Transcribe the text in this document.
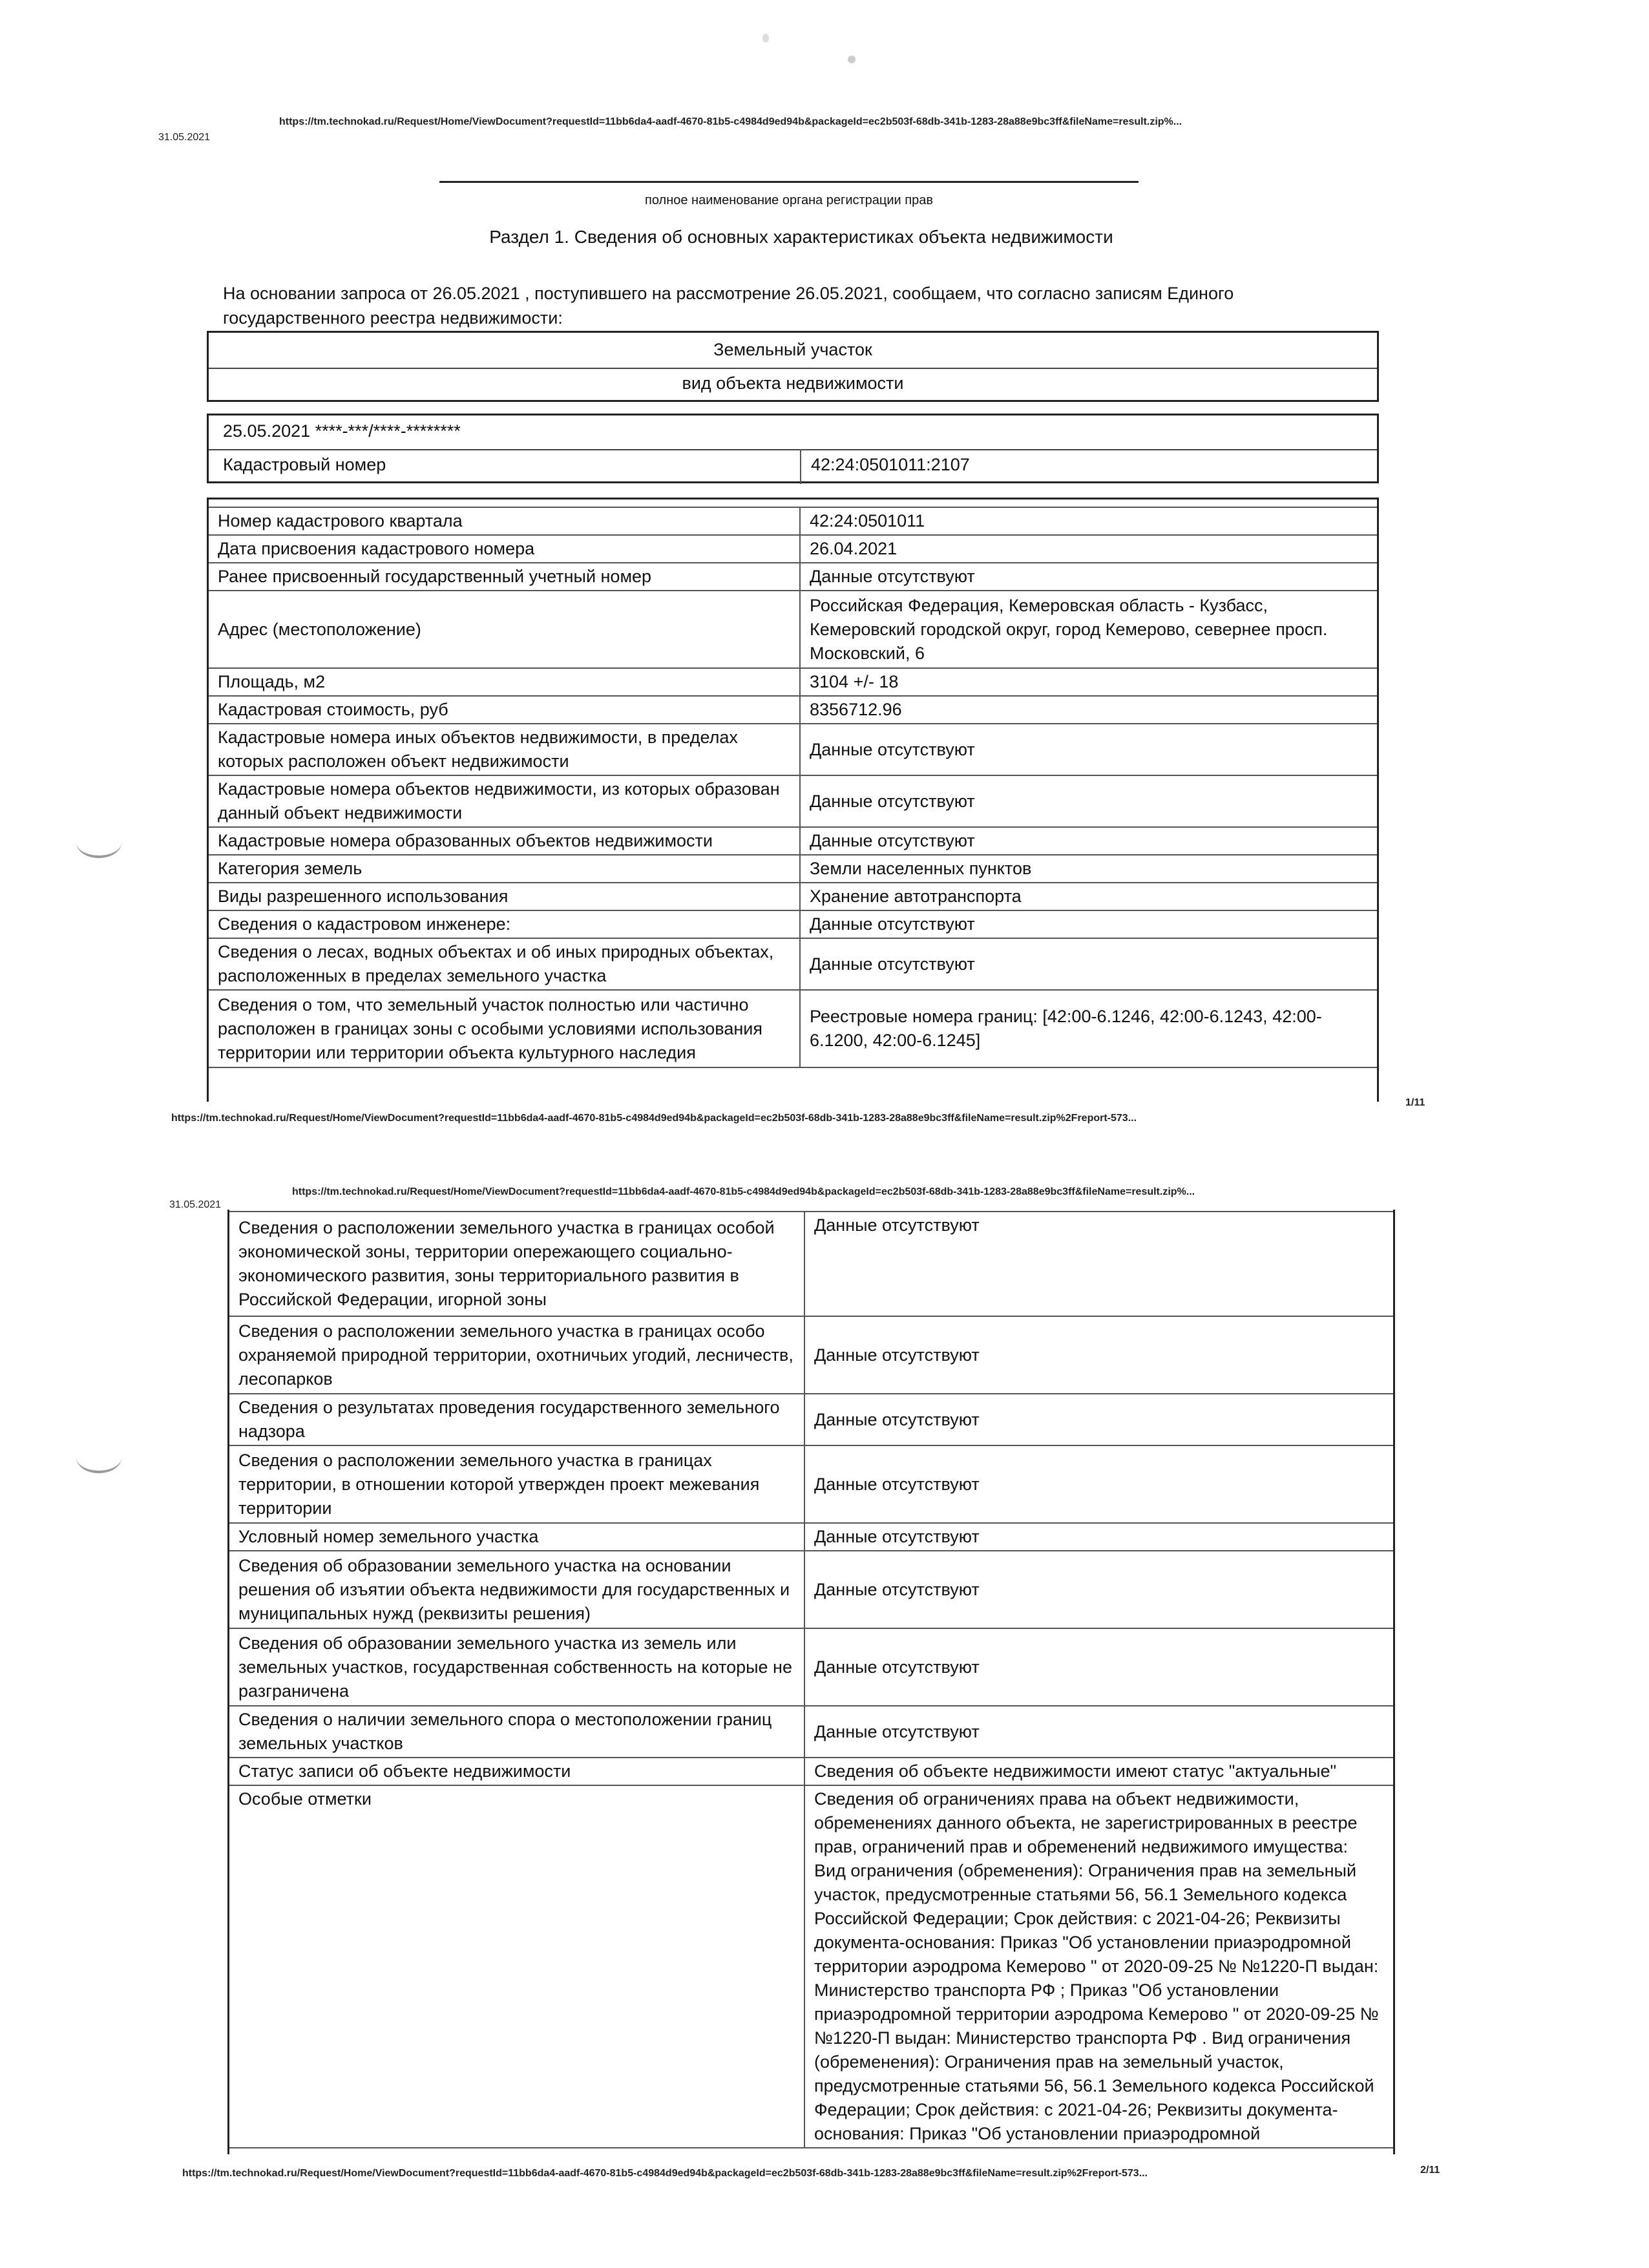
31.05.2021
https://tm.technokad.ru/Request/Home/ViewDocument?requestId=11bb6da4-aadf-4670-81b5-c4984d9ed94b&packageId=ec2b503f-68db-341b-1283-28a88e9bc3ff&fileName=result.zip%...
полное наименование органа регистрации прав
Раздел 1. Сведения об основных характеристиках объекта недвижимости
На основании запроса от 26.05.2021 , поступившего на рассмотрение 26.05.2021, сообщаем, что согласно записям Единого
государственного реестра недвижимости:
Земельный участок
вид объекта недвижимости
25.05.2021 ****-***/****-********
Кадастровый номер	42:24:0501011:2107
Номер кадастрового квартала	42:24:0501011
Дата присвоения кадастрового номера	26.04.2021
Ранее присвоенный государственный учетный номер	Данные отсутствуют
Адрес (местоположение)	Российская Федерация, Кемеровская область - Кузбасс, Кемеровский городской округ, город Кемерово, севернее просп. Московский, 6
Площадь, м2	3104 +/- 18
Кадастровая стоимость, руб	8356712.96
Кадастровые номера иных объектов недвижимости, в пределах которых расположен объект недвижимости	Данные отсутствуют
Кадастровые номера объектов недвижимости, из которых образован данный объект недвижимости	Данные отсутствуют
Кадастровые номера образованных объектов недвижимости	Данные отсутствуют
Категория земель	Земли населенных пунктов
Виды разрешенного использования	Хранение автотранспорта
Сведения о кадастровом инженере:	Данные отсутствуют
Сведения о лесах, водных объектах и об иных природных объектах, расположенных в пределах земельного участка	Данные отсутствуют
Сведения о том, что земельный участок полностью или частично расположен в границах зоны с особыми условиями использования территории или территории объекта культурного наследия	Реестровые номера границ: [42:00-6.1246, 42:00-6.1243, 42:00-6.1200, 42:00-6.1245]
https://tm.technokad.ru/Request/Home/ViewDocument?requestId=11bb6da4-aadf-4670-81b5-c4984d9ed94b&packageId=ec2b503f-68db-341b-1283-28a88e9bc3ff&fileName=result.zip%2Freport-573...
1/11
31.05.2021
https://tm.technokad.ru/Request/Home/ViewDocument?requestId=11bb6da4-aadf-4670-81b5-c4984d9ed94b&packageId=ec2b503f-68db-341b-1283-28a88e9bc3ff&fileName=result.zip%...
Сведения о расположении земельного участка в границах особой экономической зоны, территории опережающего социально-экономического развития, зоны территориального развития в Российской Федерации, игорной зоны	Данные отсутствуют
Сведения о расположении земельного участка в границах особо охраняемой природной территории, охотничьих угодий, лесничеств, лесопарков	Данные отсутствуют
Сведения о результатах проведения государственного земельного надзора	Данные отсутствуют
Сведения о расположении земельного участка в границах территории, в отношении которой утвержден проект межевания территории	Данные отсутствуют
Условный номер земельного участка	Данные отсутствуют
Сведения об образовании земельного участка на основании решения об изъятии объекта недвижимости для государственных и муниципальных нужд (реквизиты решения)	Данные отсутствуют
Сведения об образовании земельного участка из земель или земельных участков, государственная собственность на которые не разграничена	Данные отсутствуют
Сведения о наличии земельного спора о местоположении границ земельных участков	Данные отсутствуют
Статус записи об объекте недвижимости	Сведения об объекте недвижимости имеют статус "актуальные"
Особые отметки	Сведения об ограничениях права на объект недвижимости, обременениях данного объекта, не зарегистрированных в реестре прав, ограничений прав и обременений недвижимого имущества: Вид ограничения (обременения): Ограничения прав на земельный участок, предусмотренные статьями 56, 56.1 Земельного кодекса Российской Федерации; Срок действия: с 2021-04-26; Реквизиты документа-основания: Приказ "Об установлении приаэродромной территории аэродрома Кемерово " от 2020-09-25 № №1220-П выдан: Министерство транспорта РФ ; Приказ "Об установлении приаэродромной территории аэродрома Кемерово " от 2020-09-25 № №1220-П выдан: Министерство транспорта РФ . Вид ограничения (обременения): Ограничения прав на земельный участок, предусмотренные статьями 56, 56.1 Земельного кодекса Российской Федерации; Срок действия: с 2021-04-26; Реквизиты документа-основания: Приказ "Об установлении приаэродромной
https://tm.technokad.ru/Request/Home/ViewDocument?requestId=11bb6da4-aadf-4670-81b5-c4984d9ed94b&packageId=ec2b503f-68db-341b-1283-28a88e9bc3ff&fileName=result.zip%2Freport-573...	2/11
